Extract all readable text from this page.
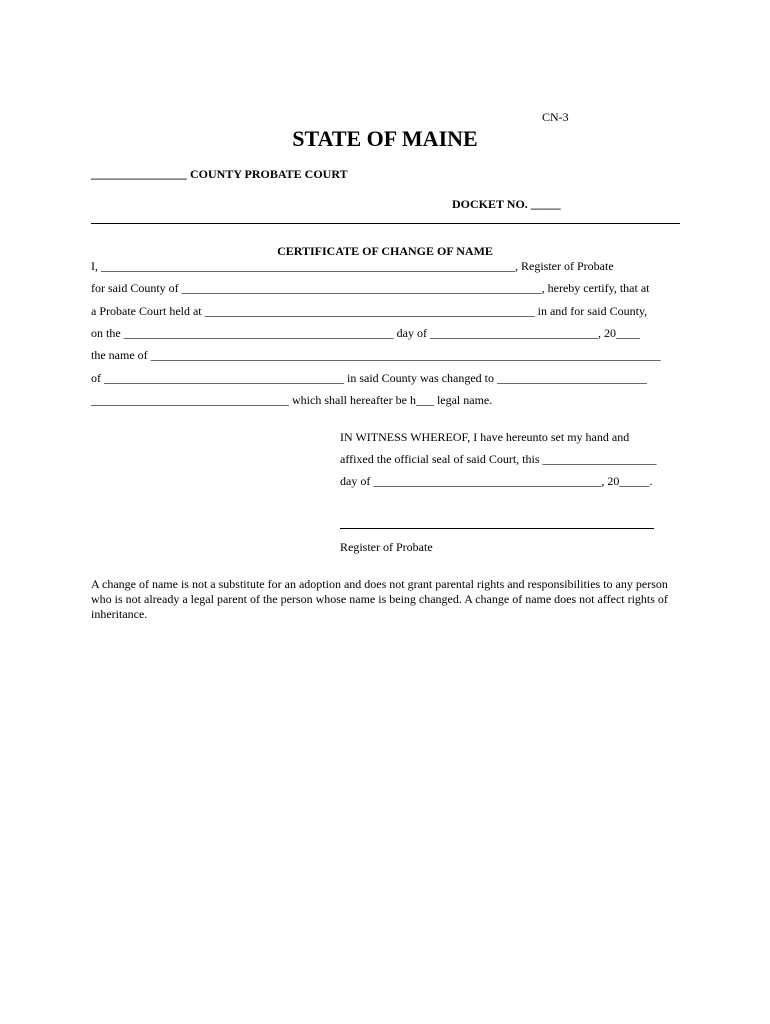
CN-3
STATE OF MAINE
________________ COUNTY PROBATE COURT
DOCKET NO. _____
CERTIFICATE OF CHANGE OF NAME
I, _____________________________________________________________________, Register of Probate
for said County of ____________________________________________________________, hereby certify, that at
a Probate Court held at _______________________________________________________ in and for said County,
on the _____________________________________________ day of ____________________________, 20____
the name of _____________________________________________________________________________________
of ________________________________________ in said County was changed to _________________________
_________________________________ which shall hereafter be h___ legal name.
IN WITNESS WHEREOF, I have hereunto set my hand and
affixed the official seal of said Court, this ___________________
day of ______________________________________, 20_____.
Register of Probate
A change of name is not a substitute for an adoption and does not grant parental rights and responsibilities to any person who is not already a legal parent of the person whose name is being changed. A change of name does not affect rights of inheritance.
